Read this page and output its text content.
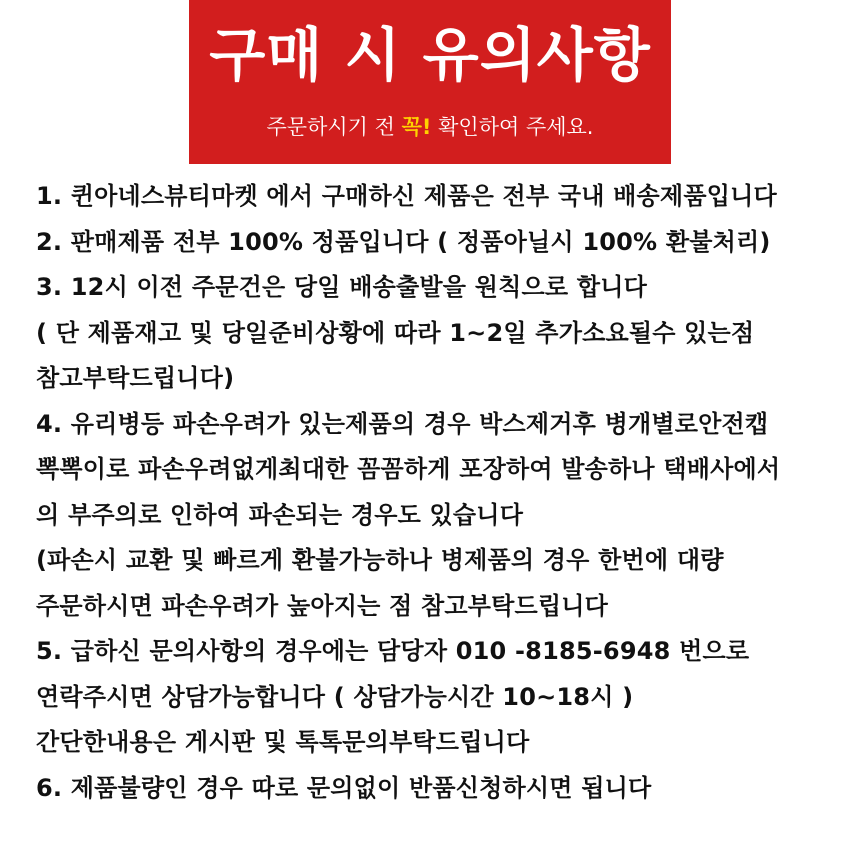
구매 시 유의사항
주문하시기 전 꼭! 확인하여 주세요.
1. 퀸아네스뷰티마켓 에서 구매하신 제품은 전부 국내 배송제품입니다
2. 판매제품 전부 100% 정품입니다 ( 정품아닐시 100% 환불처리)
3. 12시 이전 주문건은 당일 배송출발을 원칙으로 합니다
( 단 제품재고 및 당일준비상황에 따라 1~2일 추가소요될수 있는점
참고부탁드립니다)
4. 유리병등 파손우려가 있는제품의 경우 박스제거후 병개별로안전캡
뽁뽁이로 파손우려없게최대한 꼼꼼하게 포장하여 발송하나 택배사에서
의 부주의로 인하여 파손되는 경우도 있습니다
(파손시 교환 및 빠르게 환불가능하나 병제품의 경우 한번에 대량
주문하시면 파손우려가 높아지는 점 참고부탁드립니다
5. 급하신 문의사항의 경우에는 담당자 010 -8185-6948 번으로
연락주시면 상담가능합니다 ( 상담가능시간 10~18시 )
간단한내용은 게시판 및 톡톡문의부탁드립니다
6. 제품불량인 경우 따로 문의없이 반품신청하시면 됩니다
